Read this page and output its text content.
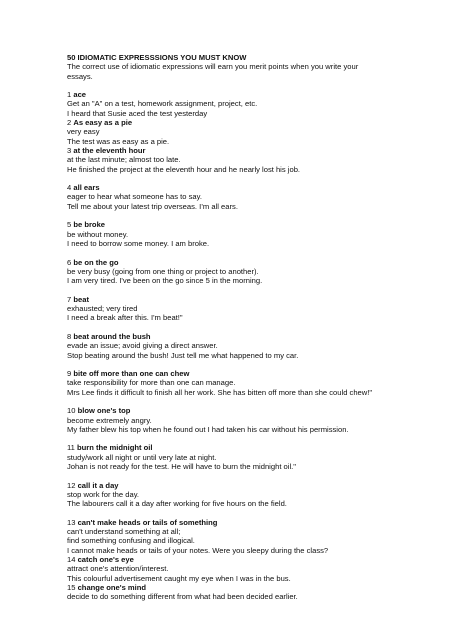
50 IDIOMATIC EXPRESSSIONS YOU MUST KNOW
The correct use of idiomatic expressions will earn you merit points when you write your
essays.
1 ace
Get an "A" on a test, homework assignment, project, etc.
I heard that Susie aced the test yesterday
2 As easy as a pie
very easy
The test was as easy as a pie.
3 at the eleventh hour
at the last minute; almost too late.
He finished the project at the eleventh hour and he nearly lost his job.
4 all ears
eager to hear what someone has to say.
Tell me about your latest trip overseas. I’m all ears.
5 be broke
be without money.
I need to borrow some money. I am broke.
6 be on the go
be very busy (going from one thing or project to another).
I am very tired. I've been on the go since 5 in the morning.
7 beat
exhausted; very tired
I need a break after this. I'm beat!"
8 beat around the bush
evade an issue; avoid giving a direct answer.
Stop beating around the bush! Just tell me what happened to my car.
9 bite off more than one can chew
take responsibility for more than one can manage.
Mrs Lee finds it difficult to finish all her work. She has bitten off more than she could chew!"
10 blow one's top
become extremely angry.
My father blew his top when he found out I had taken his car without his permission.
11 burn the midnight oil
study/work all night or until very late at night.
Johan is not ready for the test. He will have to burn the midnight oil."
12 call it a day
stop work for the day.
The labourers call it a day after working for five hours on the field.
13 can't make heads or tails of something
can't understand something at all;
find something confusing and illogical.
I cannot make heads or tails of your notes. Were you sleepy during the class?
14 catch one's eye
attract one's attention/interest.
This colourful advertisement caught my eye when I was in the bus.
15 change one's mind
decide to do something different from what had been decided earlier.
